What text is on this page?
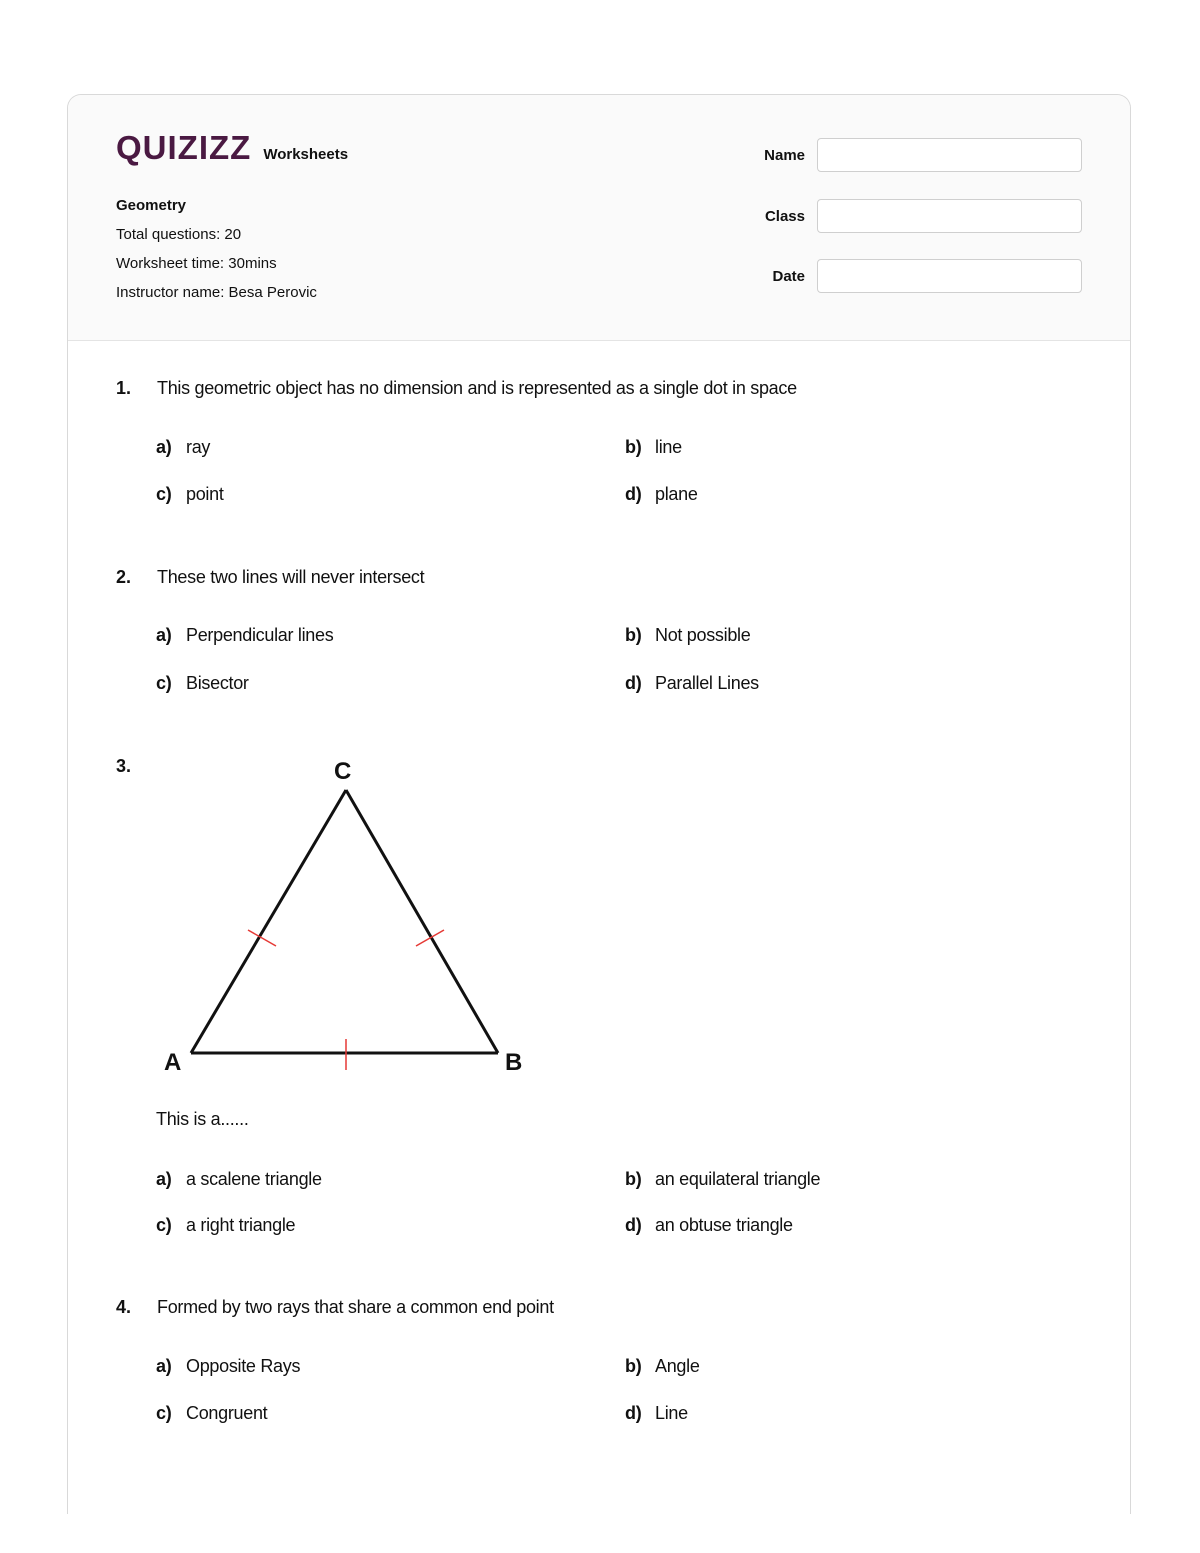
QUIZIZZ Worksheets
Geometry
Total questions: 20
Worksheet time: 30mins
Instructor name: Besa Perovic
Name
Class
Date
1. This geometric object has no dimension and is represented as a single dot in space
a) ray	b) line
c) point	d) plane
2. These two lines will never intersect
a) Perpendicular lines	b) Not possible
c) Bisector	d) Parallel Lines
3.	C
A	B
This is a......
a) a scalene triangle	b) an equilateral triangle
c) a right triangle	d) an obtuse triangle
4. Formed by two rays that share a common end point
a) Opposite Rays	b) Angle
c) Congruent	d) Line
